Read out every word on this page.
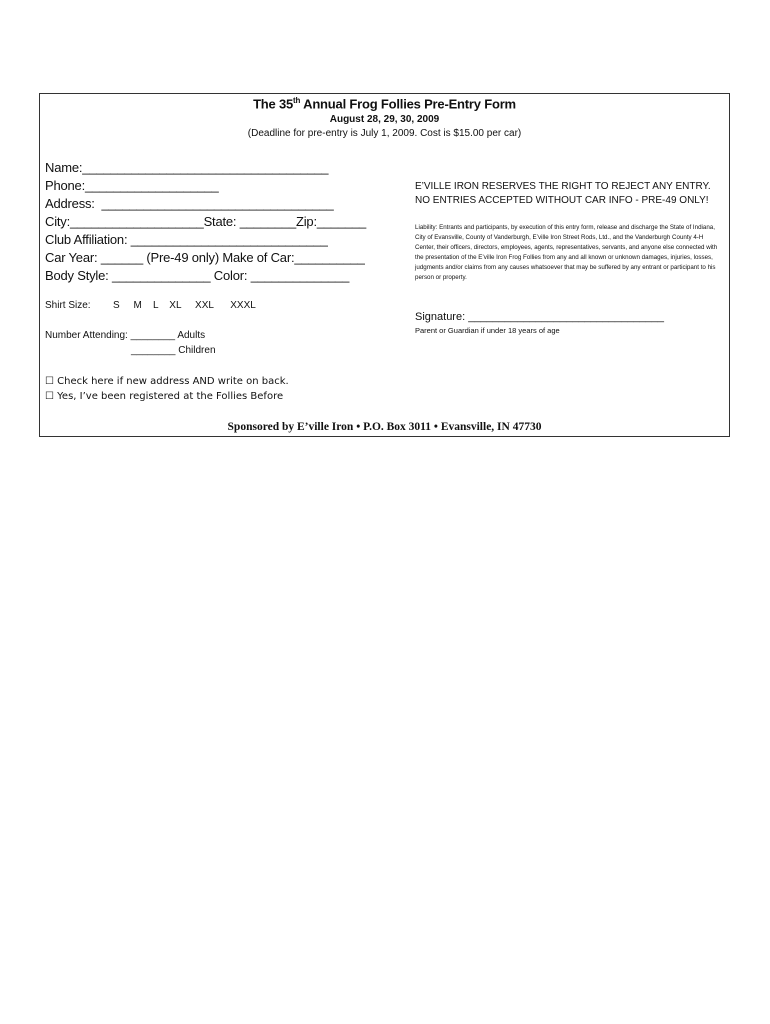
The 35th Annual Frog Follies Pre-Entry Form
August 28, 29, 30, 2009
(Deadline for pre-entry is July 1, 2009. Cost is $15.00 per car)
Name:___________________________________
Phone:___________________
Address:  _________________________________
City:___________________State: ________Zip:_______
Club Affiliation: ____________________________
Car Year: ______ (Pre-49 only) Make of Car:__________
Body Style: ______________ Color: ______________
Shirt Size: S     M    L    XL     XXL      XXXL
Number Attending: ________ Adults
________ Children
☐ Check here if new address AND write on back.
☐ Yes, I’ve been registered at the Follies Before
E’VILLE IRON RESERVES THE RIGHT TO REJECT ANY ENTRY.
NO ENTRIES ACCEPTED WITHOUT CAR INFO - PRE-49 ONLY!
Liability: Entrants and participants, by execution of this entry form, release and discharge the State of Indiana, City of Evansville, County of Vanderburgh, E’ville Iron Street Rods, Ltd., and the Vanderburgh County 4-H Center, their officers, directors, employees, agents, representatives, servants, and anyone else connected with the presentation of the E’ville Iron Frog Follies from any and all known or unknown damages, injuries, losses, judgments and/or claims from any causes whatsoever that may be suffered by any entrant or participant to his person or property.
Signature: ________________________________
Parent or Guardian if under 18 years of age
Sponsored by E’ville Iron • P.O. Box 3011 • Evansville, IN 47730
